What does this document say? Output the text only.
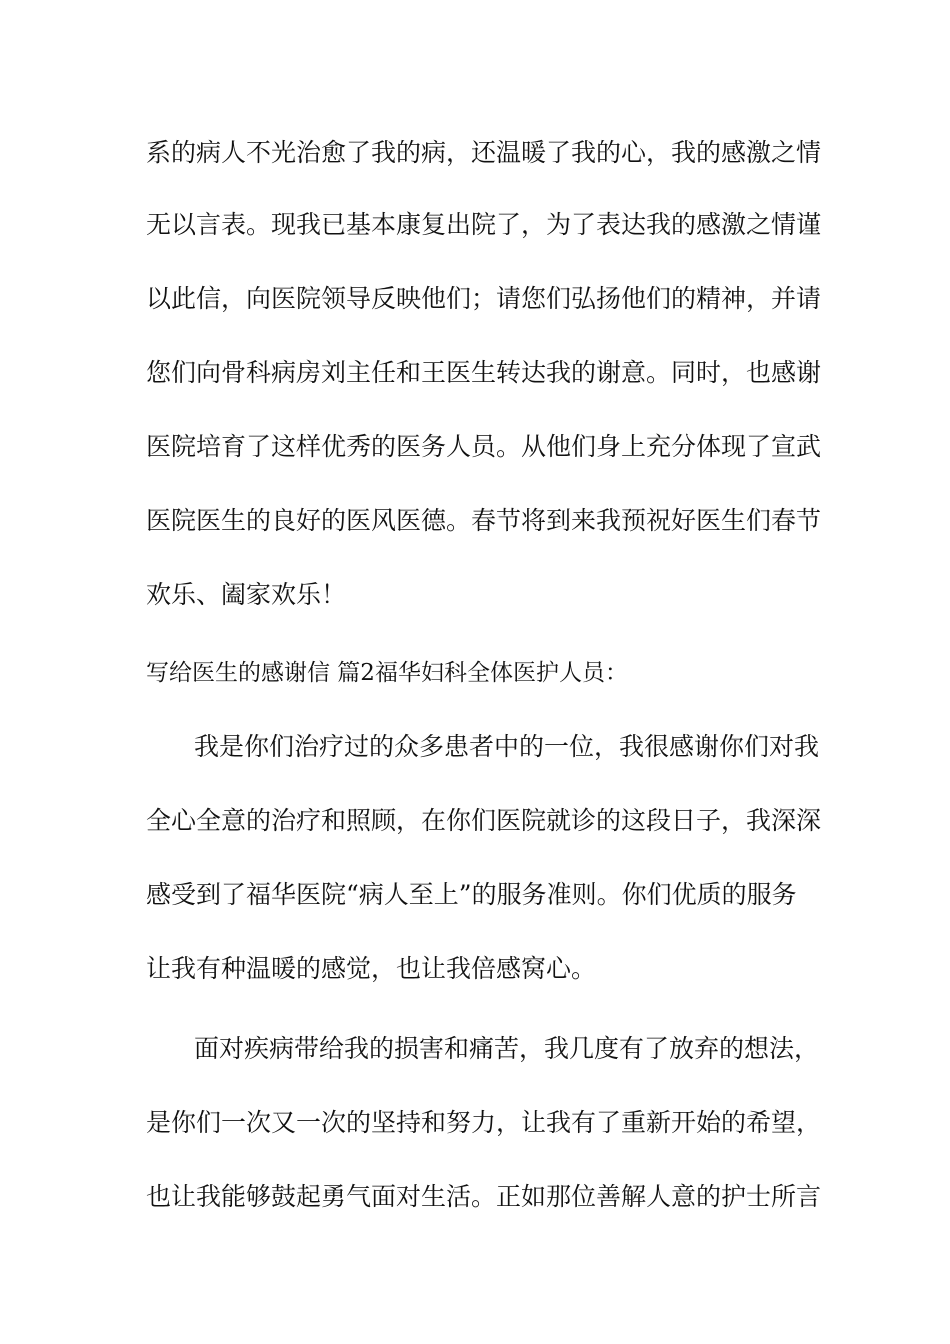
系的病人不光治愈了我的病，还温暖了我的心，我的感激之情
无以言表。现我已基本康复出院了，为了表达我的感激之情谨
以此信，向医院领导反映他们；请您们弘扬他们的精神，并请
您们向骨科病房刘主任和王医生转达我的谢意。同时，也感谢
医院培育了这样优秀的医务人员。从他们身上充分体现了宣武
医院医生的良好的医风医德。春节将到来我预祝好医生们春节
欢乐、阖家欢乐！
写给医生的感谢信 篇2福华妇科全体医护人员：
我是你们治疗过的众多患者中的一位，我很感谢你们对我
全心全意的治疗和照顾，在你们医院就诊的这段日子，我深深
感受到了福华医院“病人至上”的服务准则。你们优质的服务
让我有种温暖的感觉，也让我倍感窝心。
面对疾病带给我的损害和痛苦，我几度有了放弃的想法，
是你们一次又一次的坚持和努力，让我有了重新开始的希望，
也让我能够鼓起勇气面对生活。正如那位善解人意的护士所言
